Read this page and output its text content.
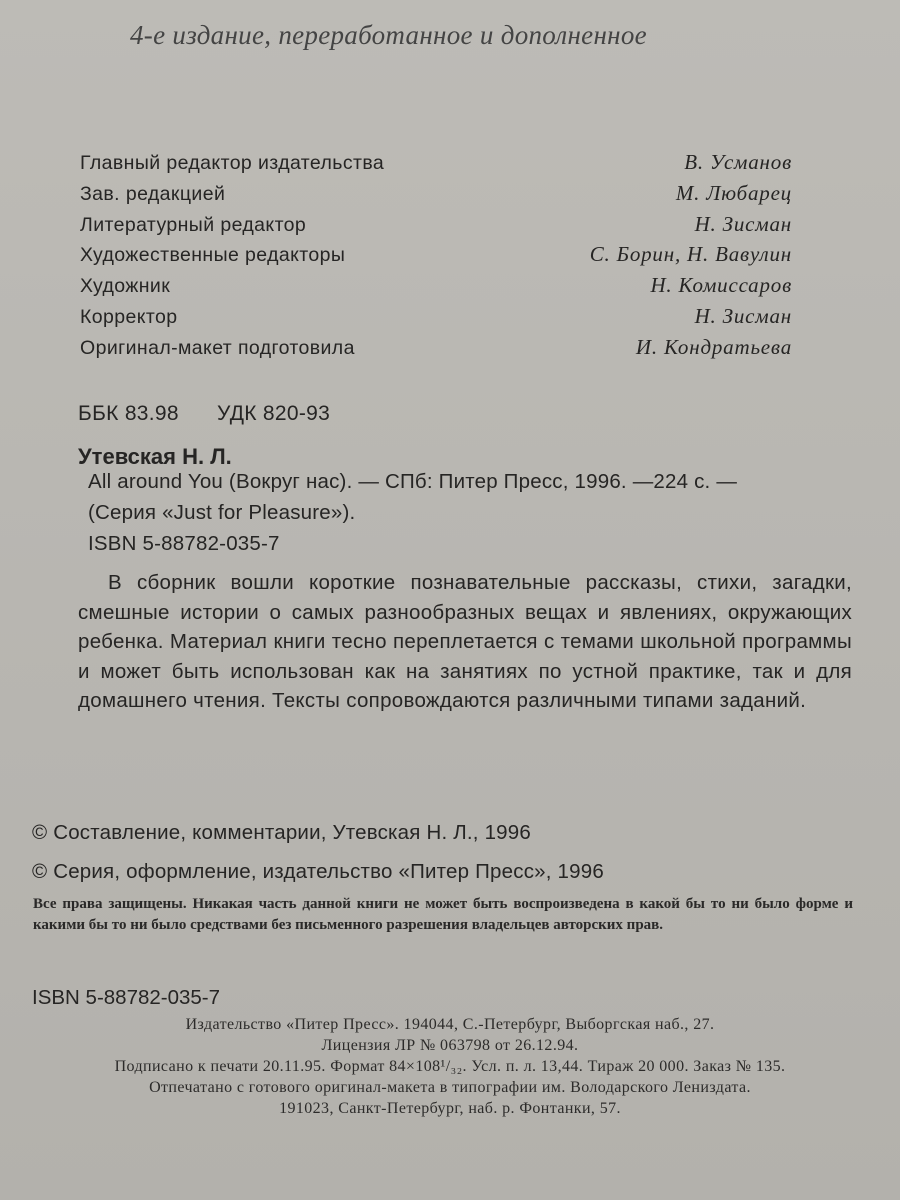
4-е издание, переработанное и дополненное
Главный редактор издательства	В. Усманов
Зав. редакцией	М. Любарец
Литературный редактор	Н. Зисман
Художественные редакторы	С. Борин, Н. Вавулин
Художник	Н. Комиссаров
Корректор	Н. Зисман
Оригинал-макет подготовила	И. Кондратьева
ББК 83.98 УДК 820-93
Утевская Н. Л.
All around You (Вокруг нас). — СПб: Питер Пресс, 1996. —224 с. —
(Серия «Just for Pleasure»).
ISBN 5-88782-035-7
В сборник вошли короткие познавательные рассказы, стихи, загадки, смешные истории о самых разнообразных вещах и явлениях, окружающих ребенка. Материал книги тесно переплетается с темами школьной программы и может быть использован как на занятиях по устной практике, так и для домашнего чтения. Тексты сопровождаются различными типами заданий.
© Составление, комментарии, Утевская Н. Л., 1996
© Серия, оформление, издательство «Питер Пресс», 1996
Все права защищены. Никакая часть данной книги не может быть воспроизведена в какой бы то ни было форме и какими бы то ни было средствами без письменного разрешения владельцев авторских прав.
ISBN 5-88782-035-7
Издательство «Питер Пресс». 194044, С.-Петербург, Выборгская наб., 27.
Лицензия ЛР № 063798 от 26.12.94.
Подписано к печати 20.11.95. Формат 84×108¹/₃₂. Усл. п. л. 13,44. Тираж 20 000. Заказ № 135.
Отпечатано с готового оригинал-макета в типографии им. Володарского Лениздата.
191023, Санкт-Петербург, наб. р. Фонтанки, 57.
